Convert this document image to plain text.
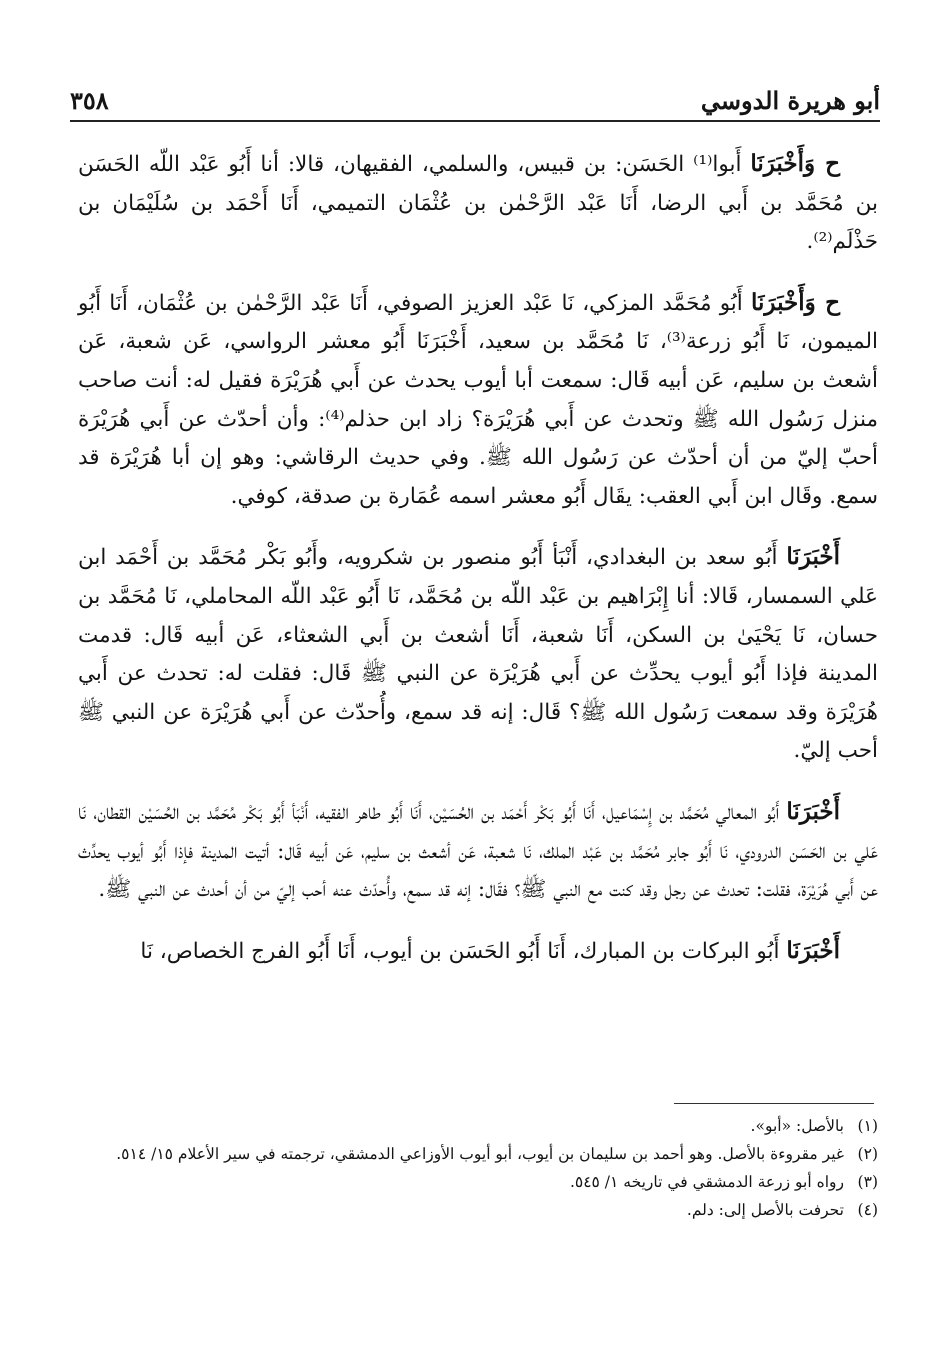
أبو هريرة الدوسي
٣٥٨

ح وَأَخْبَرَنَا أَبوا⁽¹⁾ الحَسَن: بن قبيس، والسلمي، الفقيهان، قالا: أنا أَبُو عَبْد اللّه الحَسَن بن مُحَمَّد بن أَبي الرضا، أَنَا عَبْد الرَّحْمٰن بن عُثْمَان التميمي، أَنَا أَحْمَد بن سُلَيْمَان بن حَذْلَم⁽²⁾.

ح وَأَخْبَرَنَا أَبُو مُحَمَّد المزكي، نَا عَبْد العزيز الصوفي، أَنَا عَبْد الرَّحْمٰن بن عُثْمَان، أَنَا أَبُو الميمون، نَا أَبُو زرعة⁽³⁾، نَا مُحَمَّد بن سعيد، أَخْبَرَنَا أَبُو معشر الرواسي، عَن شعبة، عَن أشعث بن سليم، عَن أبيه قَال: سمعت أبا أيوب يحدث عن أَبي هُرَيْرَة فقيل له: أنت صاحب منزل رَسُول الله ﷺ وتحدث عن أَبي هُرَيْرَة؟ زاد ابن حذلم⁽⁴⁾: وأن أحدّث عن أَبي هُرَيْرَة أحبّ إليّ من أن أحدّث عن رَسُول الله ﷺ. وفي حديث الرقاشي: وهو إن أبا هُرَيْرَة قد سمع. وقَال ابن أَبي العقب: يقَال أَبُو معشر اسمه عُمَارة بن صدقة، كوفي.

أَخْبَرَنَا أَبُو سعد بن البغدادي، أَنْبَأ أَبُو منصور بن شكرويه، وأَبُو بَكْر مُحَمَّد بن أَحْمَد ابن عَلي السمسار، قَالا: أنا إِبْرَاهيم بن عَبْد اللّه بن مُحَمَّد، نَا أَبُو عَبْد اللّه المحاملي، نَا مُحَمَّد بن حسان، نَا يَحْيَىٰ بن السكن، أَنَا شعبة، أَنَا أشعث بن أَبي الشعثاء، عَن أبيه قَال: قدمت المدينة فإذا أَبُو أيوب يحدِّث عن أَبي هُرَيْرَة عن النبي ﷺ قَال: فقلت له: تحدث عن أَبي هُرَيْرَة وقد سمعت رَسُول الله ﷺ؟ قَال: إنه قد سمع، وأُحدّث عن أَبي هُرَيْرَة عن النبي ﷺ أحب إليّ.

أَخْبَرَنَا أَبُو المعالي مُحَمَّد بن إِسْمَاعيل، أَنَا أَبُو بَكْر أَحْمَد بن الحُسَيْن، أَنَا أَبُو طاهر الفقيه، أَنْبَأ أَبُو بَكْر مُحَمَّد بن الحُسَيْن القطان، نَا عَلي بن الحَسَن الدرودي، نَا أَبُو جابر مُحَمَّد بن عَبْد الملك، نَا شعبة، عَن أشعث بن سليم، عَن أبيه قَال: أتيت المدينة فإذا أَبُو أيوب يحدِّث عن أَبي هُرَيْرَة، فقلت: تحدث عن رجل وقد كنت مع النبي ﷺ؟ فقَال: إنه قد سمع، وأُحدّث عنه أحب إليّ من أن أحدث عن النبي ﷺ.

أَخْبَرَنَا أَبُو البركات بن المبارك، أَنَا أَبُو الحَسَن بن أيوب، أَنَا أَبُو الفرج الخصاص، نَا

(١)
بالأصل: «أبو».
(٢)
غير مقروءة بالأصل. وهو أحمد بن سليمان بن أيوب، أبو أيوب الأوزاعي الدمشقي، ترجمته في سير الأعلام ١٥/ ٥١٤.
(٣)
رواه أبو زرعة الدمشقي في تاريخه ١/ ٥٤٥.
(٤)
تحرفت بالأصل إلى: دلم.
